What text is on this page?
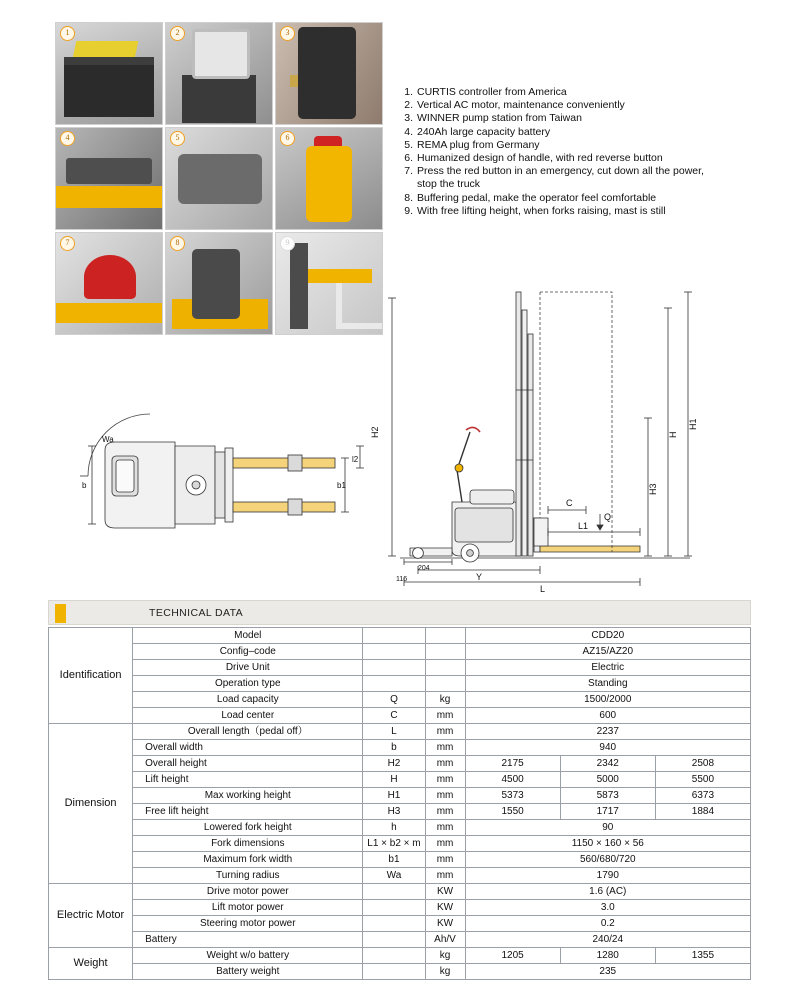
1	2	3
4	5	6
7	8	9
1. CURTIS controller from America
2. Vertical AC motor, maintenance conveniently
3. WINNER pump station from Taiwan
4. 240Ah large capacity battery
5. REMA plug from Germany
6. Humanized design of handle, with red reverse button
7. Press the red button in an emergency, cut down all the power,
stop the truck
8. Buffering pedal, make the operator feel comfortable
9. With free lifting height, when forks raising, mast is still
Wa
b	b1
l2
H2
H1
H
H3
C
Q
L1
Y
L
204
116
TECHNICAL DATA
Identification	Model			CDD20		
	Config–code			AZ15/AZ20		
	Drive Unit			Electric		
	Operation type			Standing		
	Load capacity	Q	kg	1500/2000		
	Load center	C	mm	600		
Dimension	Overall length（pedal off）	L	mm	2237		
	Overall width	b	mm	940		
	Overall height	H2	mm	2175	2342	2508
	Lift height	H	mm	4500	5000	5500
	Max working height	H1	mm	5373	5873	6373
	Free lift height	H3	mm	1550	1717	1884
	Lowered fork height	h	mm	90		
	Fork dimensions	L1 × b2 × m	mm	1150 × 160 × 56		
	Maximum fork width	b1	mm	560/680/720		
	Turning radius	Wa	mm	1790		
Electric Motor	Drive motor power		KW	1.6 (AC)		
	Lift motor power		KW	3.0		
	Steering motor power		KW	0.2		
	Battery		Ah/V	240/24		
Weight	Weight w/o battery		kg	1205	1280	1355
	Battery weight		kg	235		
